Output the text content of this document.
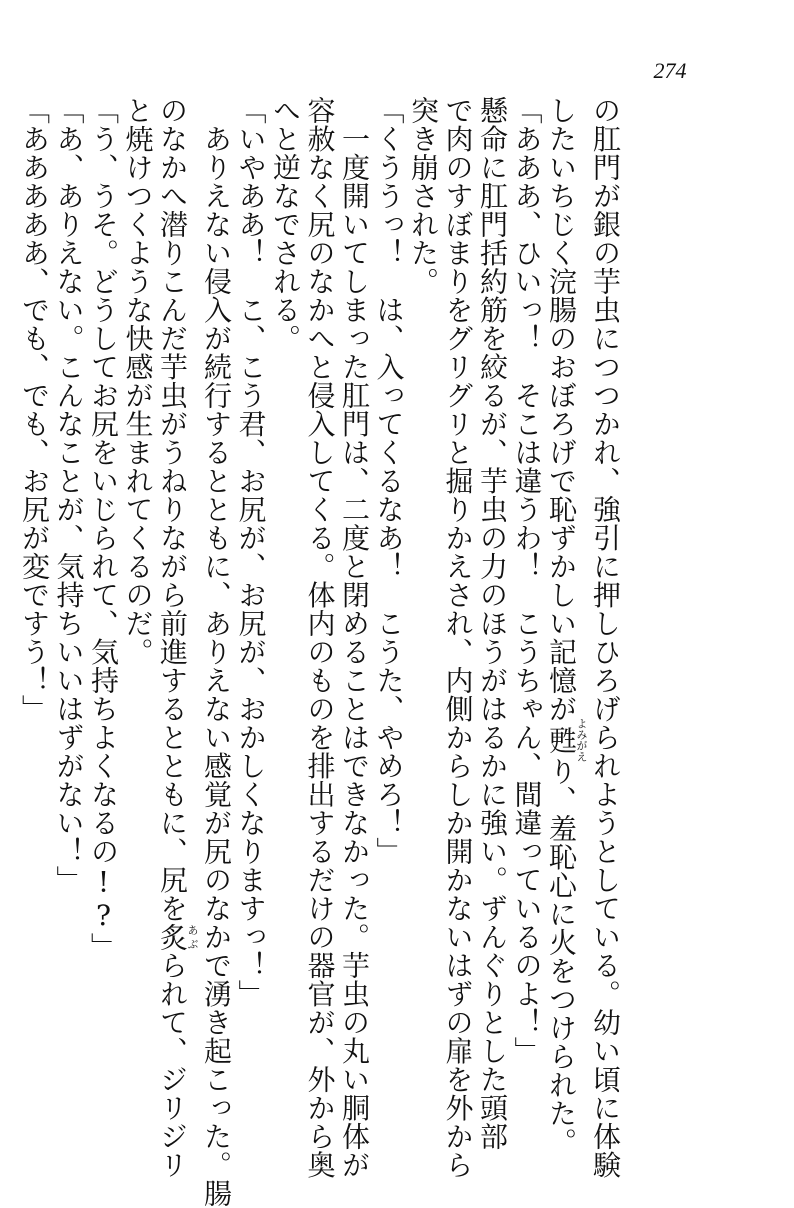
274
の肛門が銀の芋虫につつかれ、強引に押しひろげられようとしている。幼い頃に体験
したいちじく浣腸のおぼろげで恥ずかしい記憶が甦よみがえり、羞恥心に火をつけられた。
「あああ、ひいっ！　そこは違うわ！　こうちゃん、間違っているのよ！」
懸命に肛門括約筋を絞るが、芋虫の力のほうがはるかに強い。ずんぐりとした頭部
で肉のすぼまりをグリグリと掘りかえされ、内側からしか開かないはずの扉を外から
突き崩された。
「くううっ！　は、入ってくるなあ！　こうた、やめろ！」
　一度開いてしまった肛門は、二度と閉めることはできなかった。芋虫の丸い胴体が
容赦なく尻のなかへと侵入してくる。体内のものを排出するだけの器官が、外から奥
へと逆なでされる。
「いやああ！　こ、こう君、お尻が、お尻が、おかしくなりますっ！」
　ありえない侵入が続行するとともに、ありえない感覚が尻のなかで湧き起こった。腸
のなかへ潜りこんだ芋虫がうねりながら前進するとともに、尻を炙あぶられて、ジリジリ
と焼けつくような快感が生まれてくるのだ。
「う、うそ。どうしてお尻をいじられて、気持ちよくなるの!?」
「あ、ありえない。こんなことが、気持ちいいはずがない！」
「あああああ、でも、でも、お尻が変ですう！」
